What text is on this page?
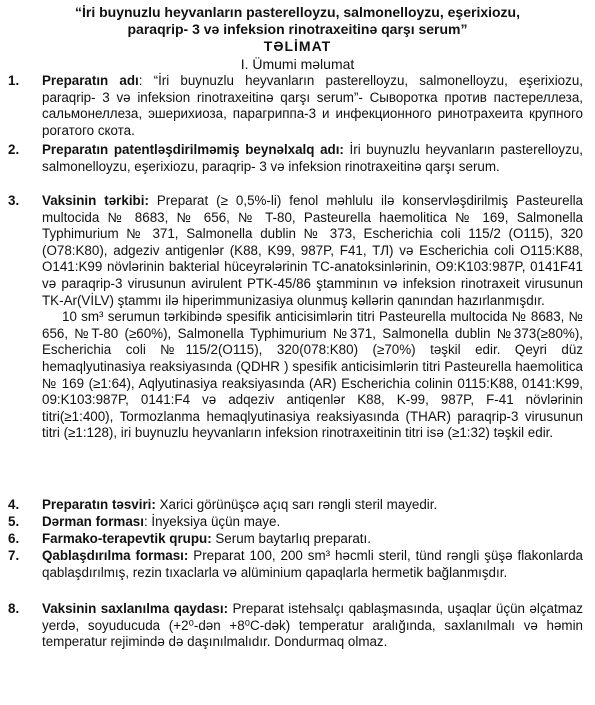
“İri buynuzlu heyvanların pasterelloyzu, salmonelloyzu, eşerixiozu,
paraqrip- 3 və infeksion rinotraxeitinə qarşı serum”
TƏLİMAT
I. Ümumi məlumat
1. Preparatın adı: “İri buynuzlu heyvanların pasterelloyzu, salmonelloyzu, eşerixiozu, paraqrip- 3 və infeksion rinotraxeitinə qarşı serum”- Сыворотка против пастереллеза, сальмонеллеза, эшерихиоза, парагриппа-3 и инфекционного ринотрахеита крупного рогатого скота.
2. Preparatın patentləşdirilməmiş beynəlxalq adı: İri buynuzlu heyvanların pasterelloyzu, salmonelloyzu, eşerixiozu, paraqrip- 3 və infeksion rinotraxeitinə qarşı serum.
3. Vaksinin tərkibi: Preparat (≥ 0,5%-li) fenol məhlulu ilə konservləşdirilmiş Pasteurella multocida № 8683, № 656, № T-80, Pasteurella haemolitica № 169, Salmonella Typhimurium № 371, Salmonella dublin № 373, Escherichia coli 115/2 (O115), 320 (O78:K80), adgeziv antigenlər (K88, K99, 987P, F41, TЛ) və Escherichia coli O115:K88, O141:K99 növlərinin bakterial hüceyrələrinin TC-anatoksinlərinin, O9:K103:987P, 0141F41 və paraqrip-3 virusunun avirulent PTK-45/86 ştamminın və infeksion rinotraxeit virusunun TK-Ar(VİLV) ştammı ilə hiperimmunizasiya olunmuş kəllərin qanından hazırlanmışdır.
10 sm³ serumun tərkibində spesifik anticisimlərin titri Pasteurella multocida № 8683, № 656, №T-80 (≥60%), Salmonella Typhimurium №371, Salmonella dublin №373(≥80%), Escherichia coli №115/2(O115), 320(078:K80) (≥70%) təşkil edir. Qeyri düz hemaqlyutinasiya reaksiyasında (QDHR ) spesifik anticisimlərin titri Pasteurella haemolitica № 169 (≥1:64), Aqlyutinasiya reaksiyasında (AR) Escherichia colinin 0115:K88, 0141:K99, 09:K103:987P, 0141:F4 və adqeziv antiqenlər K88, K-99, 987P, F-41 növlərinin titri(≥1:400), Tormozlanma hemaqlyutinasiya reaksiyasında (THAR) paraqrip-3 virusunun titri (≥1:128), iri buynuzlu heyvanların infeksion rinotraxeitinin titri isə (≥1:32) təşkil edir.
4. Preparatın təsviri: Xarici görünüşcə açıq sarı rəngli steril mayedir.
5. Dərman forması: İnyeksiya üçün maye.
6. Farmako-terapevtik qrupu: Serum baytarlıq preparatı.
7. Qablaşdırılma forması: Preparat 100, 200 sm³ həcmli steril, tünd rəngli şüşə flakonlarda qablaşdırılmış, rezin tıxaclarla və alüminium qapaqlarla hermetik bağlanmışdır.
8. Vaksinin saxlanılma qaydası: Preparat istehsalçı qablaşmasında, uşaqlar üçün əlçatmaz yerdə, soyuducuda (+2⁰-dən +8⁰C-dək) temperatur aralığında, saxlanılmalı və həmin temperatur rejimində də daşınılmalıdır. Dondurmaq olmaz.
